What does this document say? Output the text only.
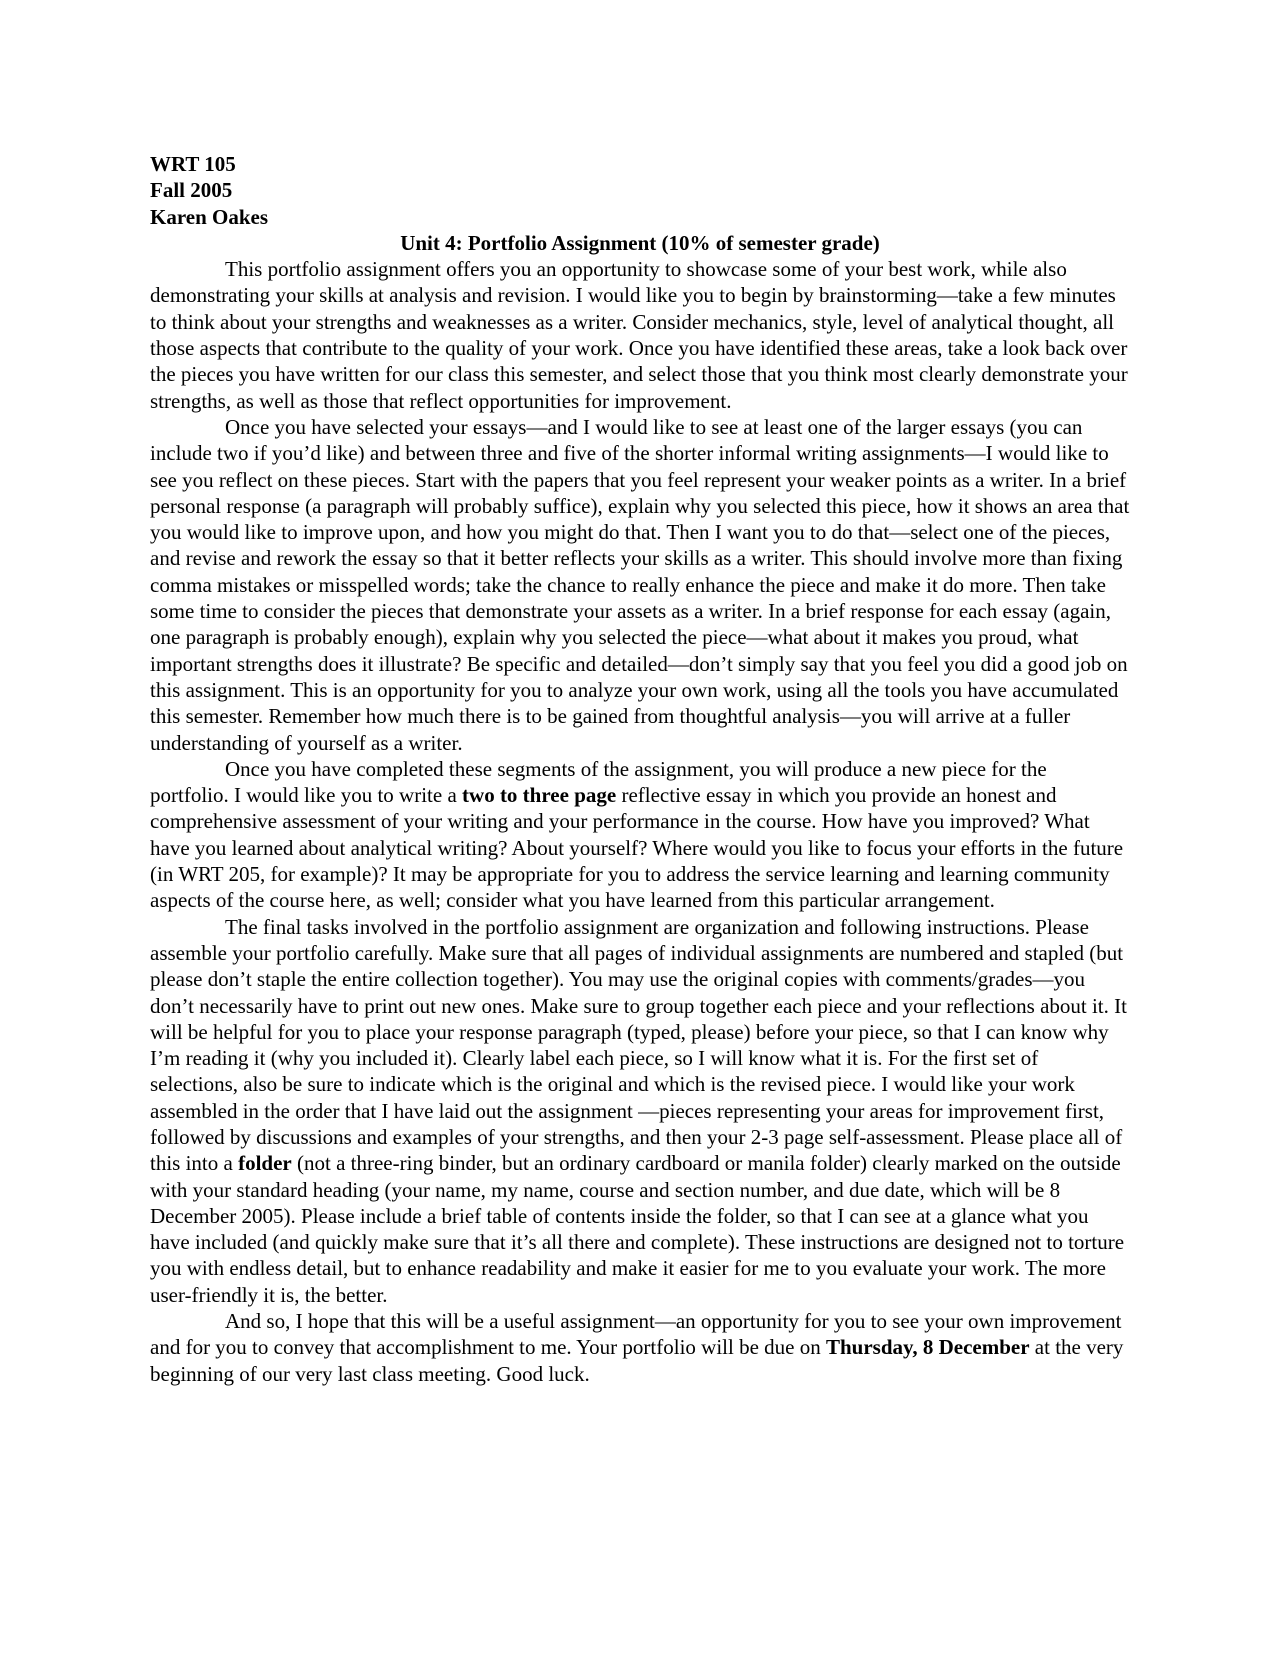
WRT 105
Fall 2005
Karen Oakes
Unit 4: Portfolio Assignment (10% of semester grade)

This portfolio assignment offers you an opportunity to showcase some of your best work, while also demonstrating your skills at analysis and revision. I would like you to begin by brainstorming—take a few minutes to think about your strengths and weaknesses as a writer. Consider mechanics, style, level of analytical thought, all those aspects that contribute to the quality of your work. Once you have identified these areas, take a look back over the pieces you have written for our class this semester, and select those that you think most clearly demonstrate your strengths, as well as those that reflect opportunities for improvement.

Once you have selected your essays—and I would like to see at least one of the larger essays (you can include two if you’d like) and between three and five of the shorter informal writing assignments—I would like to see you reflect on these pieces. Start with the papers that you feel represent your weaker points as a writer. In a brief personal response (a paragraph will probably suffice), explain why you selected this piece, how it shows an area that you would like to improve upon, and how you might do that. Then I want you to do that—select one of the pieces, and revise and rework the essay so that it better reflects your skills as a writer. This should involve more than fixing comma mistakes or misspelled words; take the chance to really enhance the piece and make it do more. Then take some time to consider the pieces that demonstrate your assets as a writer. In a brief response for each essay (again, one paragraph is probably enough), explain why you selected the piece—what about it makes you proud, what important strengths does it illustrate? Be specific and detailed—don’t simply say that you feel you did a good job on this assignment. This is an opportunity for you to analyze your own work, using all the tools you have accumulated this semester. Remember how much there is to be gained from thoughtful analysis—you will arrive at a fuller understanding of yourself as a writer.

Once you have completed these segments of the assignment, you will produce a new piece for the portfolio. I would like you to write a two to three page reflective essay in which you provide an honest and comprehensive assessment of your writing and your performance in the course. How have you improved? What have you learned about analytical writing? About yourself? Where would you like to focus your efforts in the future (in WRT 205, for example)? It may be appropriate for you to address the service learning and learning community aspects of the course here, as well; consider what you have learned from this particular arrangement.

The final tasks involved in the portfolio assignment are organization and following instructions. Please assemble your portfolio carefully. Make sure that all pages of individual assignments are numbered and stapled (but please don’t staple the entire collection together). You may use the original copies with comments/grades—you don’t necessarily have to print out new ones. Make sure to group together each piece and your reflections about it. It will be helpful for you to place your response paragraph (typed, please) before your piece, so that I can know why I’m reading it (why you included it). Clearly label each piece, so I will know what it is. For the first set of selections, also be sure to indicate which is the original and which is the revised piece. I would like your work assembled in the order that I have laid out the assignment —pieces representing your areas for improvement first, followed by discussions and examples of your strengths, and then your 2-3 page self-assessment. Please place all of this into a folder (not a three-ring binder, but an ordinary cardboard or manila folder) clearly marked on the outside with your standard heading (your name, my name, course and section number, and due date, which will be 8 December 2005). Please include a brief table of contents inside the folder, so that I can see at a glance what you have included (and quickly make sure that it’s all there and complete). These instructions are designed not to torture you with endless detail, but to enhance readability and make it easier for me to you evaluate your work. The more user-friendly it is, the better.

And so, I hope that this will be a useful assignment—an opportunity for you to see your own improvement and for you to convey that accomplishment to me. Your portfolio will be due on Thursday, 8 December at the very beginning of our very last class meeting. Good luck.
